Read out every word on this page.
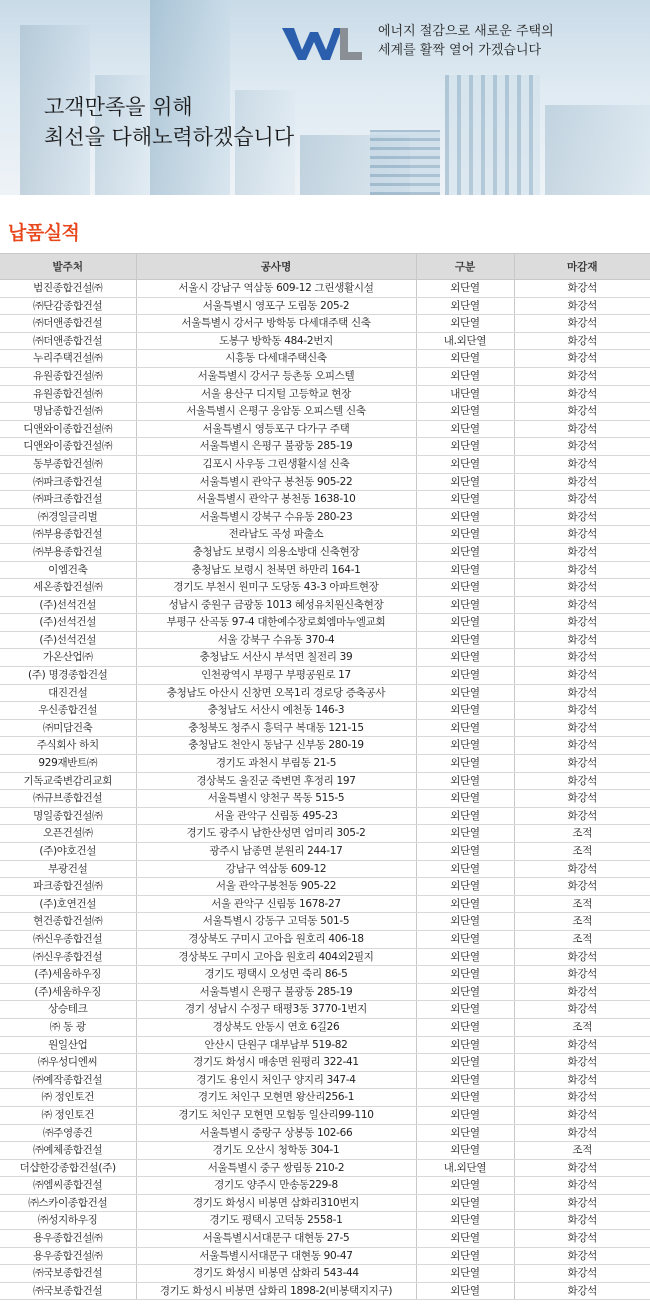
에너지 절감으로 새로운 주택의
세계를 활짝 열어 가겠습니다
고객만족을 위해
최선을 다해노력하겠습니다
납품실적
발주처	공사명	구분	마감재
범진종합건설㈜	서울시 강남구 역삼동 609-12 그린생활시설	외단열	화강석
㈜단감종합건설	서울특별시 영포구 도림동 205-2	외단열	화강석
㈜더앤종합건설	서울특별시 강서구 방학동 다세대주택 신축	외단열	화강석
㈜더앤종합건설	도봉구 방학동 484-2번지	내.외단열	화강석
누리주택건설㈜	시흥동 다세대주택신축	외단열	화강석
유원종합건설㈜	서울특별시 강서구 등촌동 오피스텔	외단열	화강석
유원종합건설㈜	서울 용산구 디지털 고등학교 현장	내단열	화강석
명남종합건설㈜	서울특별시 은평구 응암동 오피스텔 신축	외단열	화강석
디앤와이종합건설㈜	서울특별시 영등포구 다가구 주택	외단열	화강석
디앤와이종합건설㈜	서울특별시 은평구 불광동 285-19	외단열	화강석
동부종합건설㈜	김포시 사우동 그린생활시설 신축	외단열	화강석
㈜파크종합건설	서울특별시 관악구 봉천동 905-22	외단열	화강석
㈜파크종합건설	서울특별시 관악구 봉천동 1638-10	외단열	화강석
㈜경일글리벌	서울특별시 강북구 수유동 280-23	외단열	화강석
㈜부용종합건설	전라남도 곡성 파출소	외단열	화강석
㈜부용종합건설	충청남도 보령시 의용소방대 신축현장	외단열	화강석
이엠건축	충청남도 보령시 천북면 하만리 164-1	외단열	화강석
세온종합건설㈜	경기도 부천시 원미구 도당동 43-3 아파트현장	외단열	화강석
(주)선석건설	성남시 중원구 금광동 1013 혜성유치원신축현장	외단열	화강석
(주)선석건설	부평구 산곡동 97-4 대한예수장로회엠마누엘교회	외단열	화강석
(주)선석건설	서울 강북구 수유동 370-4	외단열	화강석
가온산업㈜	충청남도 서산시 부석면 칠전리 39	외단열	화강석
(주) 명경종합건설	인천광역시 부평구 부평공원로 17	외단열	화강석
대진건설	충청남도 아산시 신창면 오목1리 경로당 증축공사	외단열	화강석
우신종합건설	충청남도 서산시 예천동 146-3	외단열	화강석
㈜미담건축	충청북도 청주시 흥덕구 복대동 121-15	외단열	화강석
주식회사 하치	충청남도 천안시 동남구 신부동 280-19	외단열	화강석
929재반트㈜	경기도 과천시 부림동 21-5	외단열	화강석
기독교죽변감리교회	경상북도 울진군 죽변면 후정리 197	외단열	화강석
㈜규브종합건설	서울특별시 양천구 목동 515-5	외단열	화강석
명일종합건설㈜	서울 관악구 신림동 495-23	외단열	화강석
오픈건설㈜	경기도 광주시 남한산성면 엄미리 305-2	외단열	조적
(주)야호건설	광주시 남종면 분원리 244-17	외단열	조적
부광건설	강남구 역삼동 609-12	외단열	화강석
파크종합건설㈜	서울 관악구봉천동 905-22	외단열	화강석
(주)호연건설	서울 관악구 신림동 1678-27	외단열	조적
현건종합건설㈜	서울특별시 강동구 고덕동 501-5	외단열	조적
㈜신우종합건설	경상북도 구미시 고아읍 원호리 406-18	외단열	조적
㈜신우종합건설	경상북도 구미시 고아읍 원호리 404외2필지	외단열	화강석
(주)세움하우징	경기도 평택시 오성면 죽리 86-5	외단열	화강석
(주)세움하우징	서울특별시 은평구 불광동 285-19	외단열	화강석
상승테크	경기 성남시 수정구 태평3동 3770-1번지	외단열	화강석
㈜ 동 광	경상북도 안동시 연호 6길26	외단열	조적
원일산업	안산시 단원구 대부남부 519-82	외단열	화강석
㈜우성디엔씨	경기도 화성시 매송면 원평리 322-41	외단열	화강석
㈜예작종합건설	경기도 용인시 처인구 양지리 347-4	외단열	화강석
㈜ 정인토건	경기도 처인구 모현면 왕산리256-1	외단열	화강석
㈜ 정인토건	경기도 처인구 모현면 모험동 일산리99-110	외단열	화강석
㈜주영종건	서울특별시 중랑구 상봉동 102-66	외단열	화강석
㈜예체종합건설	경기도 오산시 청학동 304-1	외단열	조적
더샵한강종합건설(주)	서울특별시 중구 쌍림동 210-2	내.외단열	화강석
㈜엠씨종합건설	경기도 양주시 만송동229-8	외단열	화강석
㈜스카이종합건설	경기도 화성시 비봉면 삼화리310번지	외단열	화강석
㈜성지하우징	경기도 평택시 고덕동 2558-1	외단열	화강석
용우종합건설㈜	서울특별시서대문구 대현동 27-5	외단열	화강석
용우종합건설㈜	서울특별시서대문구 대현동 90-47	외단열	화강석
㈜국보종합건설	경기도 화성시 비봉면 삼화리 543-44	외단열	화강석
㈜국보종합건설	경기도 화성시 비봉면 삼화리 1898-2(비봉택지지구)	외단열	화강석
